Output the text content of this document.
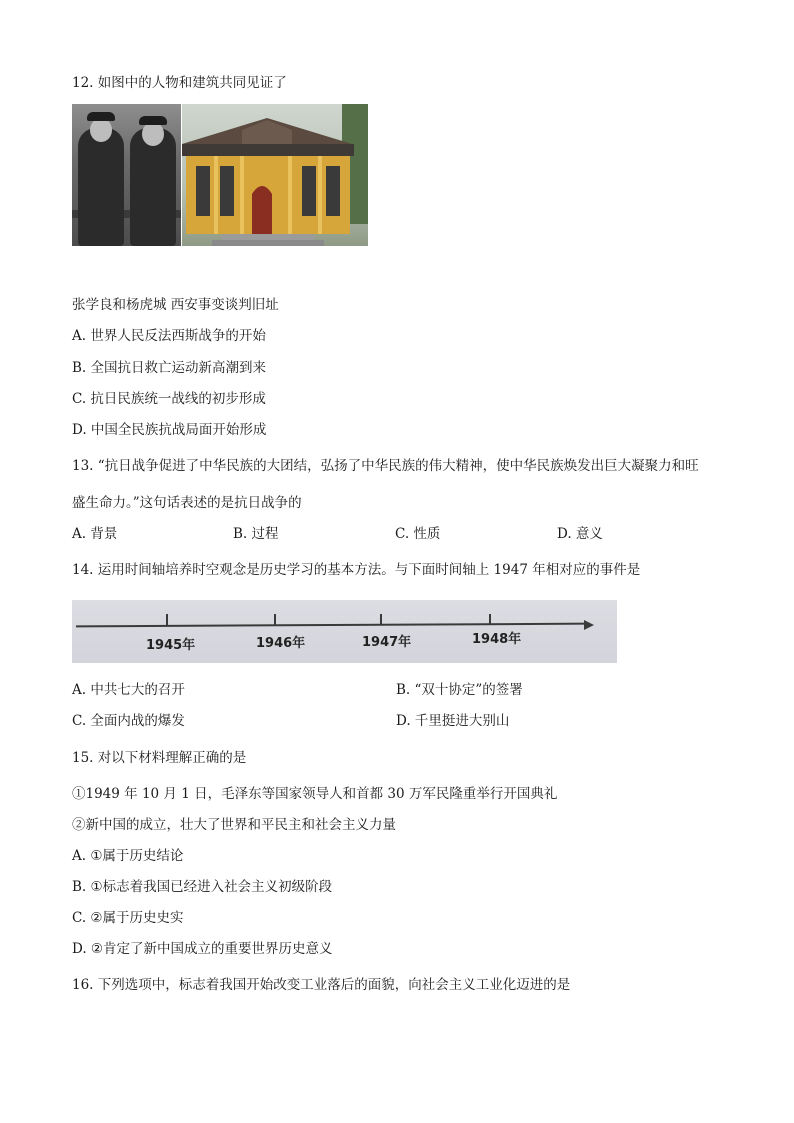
12. 如图中的人物和建筑共同见证了
张学良和杨虎城 西安事变谈判旧址
A. 世界人民反法西斯战争的开始
B. 全国抗日救亡运动新高潮到来
C. 抗日民族统一战线的初步形成
D. 中国全民族抗战局面开始形成
13. “抗日战争促进了中华民族的大团结，弘扬了中华民族的伟大精神，使中华民族焕发出巨大凝聚力和旺
盛生命力。”这句话表述的是抗日战争的
A. 背景	B. 过程	C. 性质	D. 意义
14. 运用时间轴培养时空观念是历史学习的基本方法。与下面时间轴上 1947 年相对应的事件是
1945年	1946年	1947年	1948年
A. 中共七大的召开	B. “双十协定”的签署
C. 全面内战的爆发	D. 千里挺进大别山
15. 对以下材料理解正确的是
①1949 年 10 月 1 日，毛泽东等国家领导人和首都 30 万军民隆重举行开国典礼
②新中国的成立，壮大了世界和平民主和社会主义力量
A. ①属于历史结论
B. ①标志着我国已经进入社会主义初级阶段
C. ②属于历史史实
D. ②肯定了新中国成立的重要世界历史意义
16. 下列选项中，标志着我国开始改变工业落后的面貌，向社会主义工业化迈进的是
